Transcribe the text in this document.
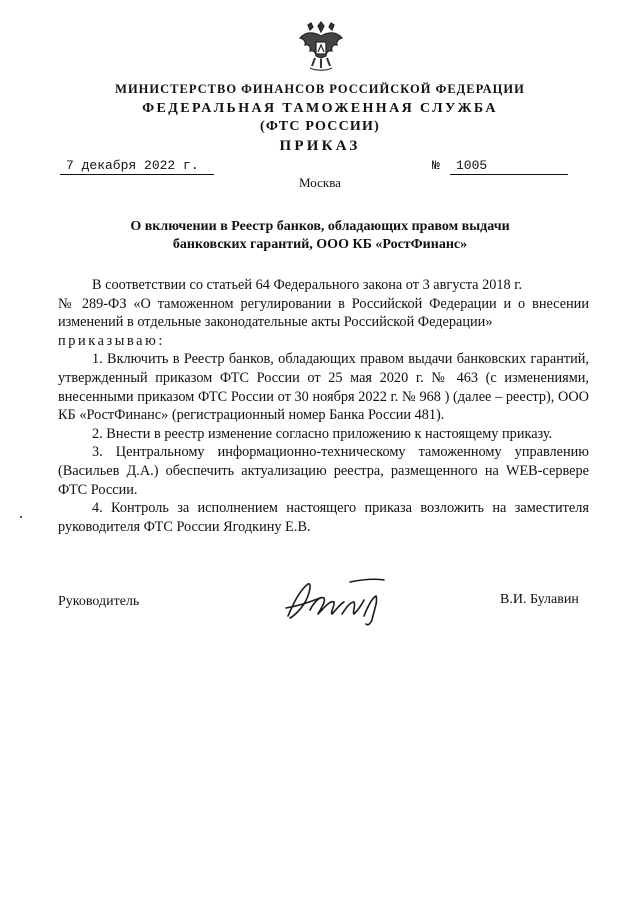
МИНИСТЕРСТВО ФИНАНСОВ РОССИЙСКОЙ ФЕДЕРАЦИИ
ФЕДЕРАЛЬНАЯ ТАМОЖЕННАЯ СЛУЖБА
(ФТС РОССИИ)
ПРИКАЗ
7 декабря 2022 г.	№	1005
Москва
О включении в Реестр банков, обладающих правом выдачи
банковских гарантий, ООО КБ «РостФинанс»

В соответствии со статьей 64 Федерального закона от 3 августа 2018 г.

№ 289-ФЗ «О таможенном регулировании в Российской Федерации и о внесении изменений в отдельные законодательные акты Российской Федерации»

приказываю:

1. Включить в Реестр банков, обладающих правом выдачи банковских гарантий, утвержденный приказом ФТС России от 25 мая 2020 г. № 463 (с изменениями, внесенными приказом ФТС России от 30 ноября 2022 г. № 968 ) (далее – реестр), ООО КБ «РостФинанс» (регистрационный номер Банка России 481).

2. Внести в реестр изменение согласно приложению к настоящему приказу.

3. Центральному информационно-техническому таможенному управлению (Васильев Д.А.) обеспечить актуализацию реестра, размещенного на WEB-сервере ФТС России.

4. Контроль за исполнением настоящего приказа возложить на заместителя руководителя ФТС России Ягодкину Е.В.

Руководитель	В.И. Булавин
